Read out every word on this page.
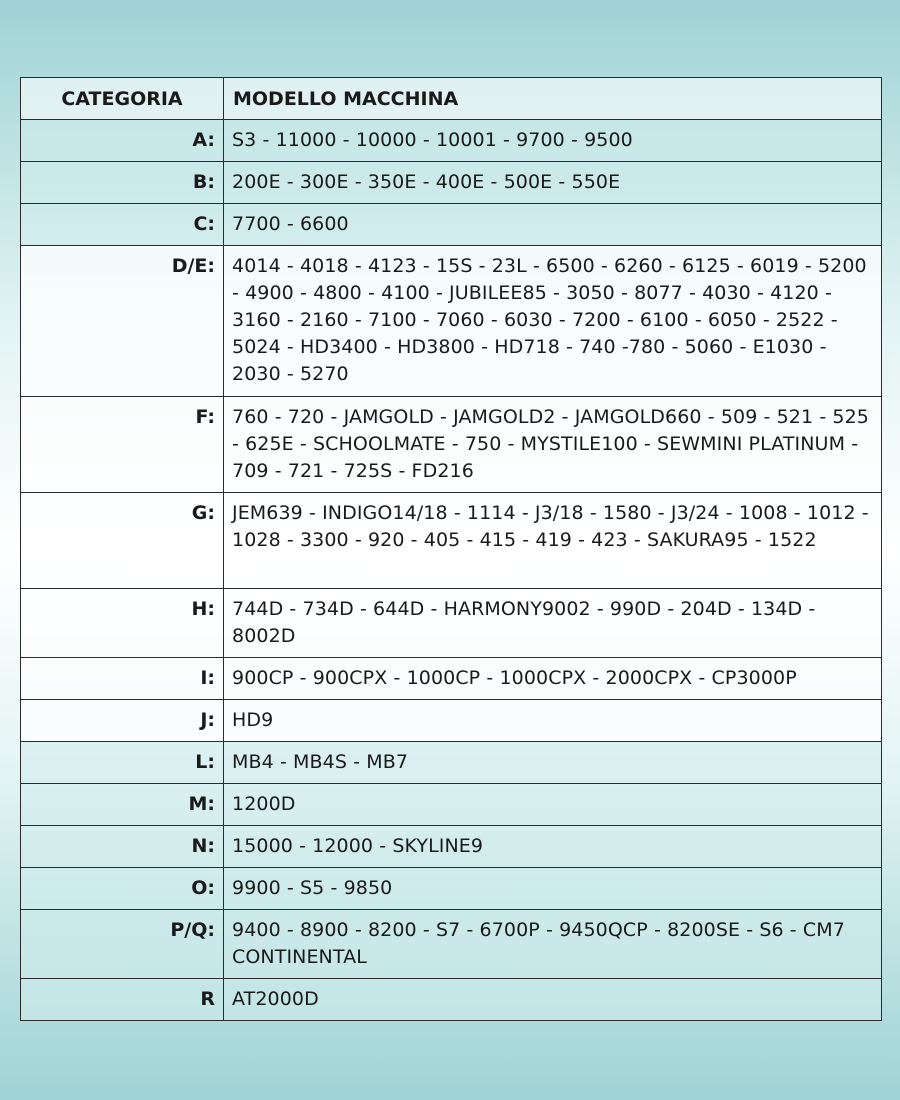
CATEGORIA	MODELLO MACCHINA
A:	S3 - 11000 - 10000 - 10001 - 9700 - 9500
B:	200E - 300E - 350E - 400E - 500E - 550E
C:	7700 - 6600
D/E:	4014 - 4018 - 4123 - 15S - 23L - 6500 - 6260 - 6125 - 6019 - 5200 - 4900 - 4800 - 4100 - JUBILEE85 - 3050 - 8077 - 4030 - 4120 - 3160 - 2160 - 7100 - 7060 - 6030 - 7200 - 6100 - 6050 - 2522 - 5024 - HD3400 - HD3800 - HD718 - 740 -780 - 5060 - E1030 - 2030 - 5270
F:	760 - 720 - JAMGOLD - JAMGOLD2 - JAMGOLD660 - 509 - 521 - 525 - 625E - SCHOOLMATE - 750 - MYSTILE100 - SEWMINI PLATINUM - 709 - 721 - 725S - FD216
G:	JEM639 - INDIGO14/18 - 1114 - J3/18 - 1580 - J3/24 - 1008 - 1012 - 1028 - 3300 - 920 - 405 - 415 - 419 - 423 - SAKURA95 - 1522
H:	744D - 734D - 644D - HARMONY9002 - 990D - 204D - 134D - 8002D
I:	900CP - 900CPX - 1000CP - 1000CPX - 2000CPX - CP3000P
J:	HD9
L:	MB4 - MB4S - MB7
M:	1200D
N:	15000 - 12000 - SKYLINE9
O:	9900 - S5 - 9850
P/Q:	9400 - 8900 - 8200 - S7 - 6700P - 9450QCP - 8200SE - S6 - CM7 CONTINENTAL
R	AT2000D
